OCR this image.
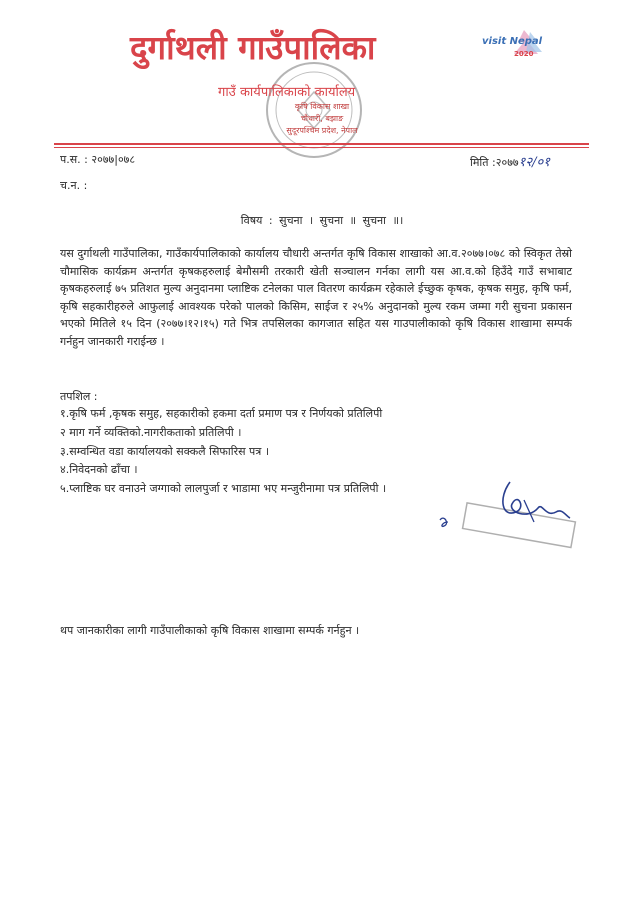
दुर्गाथली गाउँपालिका	visit Nepal
2020
गाउँ कार्यपालिकाको कार्यालय
कृषि विकास शाखा
चौधारी, बझाङ
सुदूरपश्चिम प्रदेश, नेपाल
प.स. : २०७७|०७८	मिति :२०७७१२/०१
च.न. :
विषय : सुचना । सुचना ॥ सुचना ॥।
यस दुर्गाथली गाउँपालिका, गाउँकार्यपालिकाको कार्यालय चौधारी अन्तर्गत कृषि विकास शाखाको आ.व.२०७७।०७८ को स्विकृत तेस्रो चौमासिक कार्यक्रम अन्तर्गत कृषकहरुलाई बेमौसमी तरकारी खेती सञ्चालन गर्नका लागी यस आ.व.को हिउँदे गाउँ सभाबाट कृषकहरुलाई ७५ प्रतिशत मुल्य अनुदानमा प्लाष्टिक टनेलका पाल वितरण कार्यक्रम रहेकाले ईच्छुक कृषक, कृषक समुह, कृषि फर्म, कृषि सहकारीहरुले आफुलाई आवश्यक परेको पालको किसिम, साईज र २५% अनुदानको मुल्य रकम जम्मा गरी सुचना प्रकासन भएको मितिले १५ दिन (२०७७।१२।१५) गते भित्र तपसिलका कागजात सहित यस गाउपालीकाको कृषि विकास शाखामा सम्पर्क गर्नहुन जानकारी गराईन्छ ।
तपशिल :
१.कृषि फर्म ,कृषक समुह, सहकारीको हकमा दर्ता प्रमाण पत्र र निर्णयको प्रतिलिपी
२ माग गर्ने व्यक्तिको.नागरीकताको प्रतिलिपी ।
३.सम्वन्धित वडा कार्यालयको सक्कलै सिफारिस पत्र ।
४.निवेदनको ढाँचा ।
५.प्लाष्टिक घर वनाउने जग्गाको लालपुर्जा र भाडामा भए मन्जुरीनामा पत्र प्रतिलिपी ।
थप जानकारीका लागी गाउँपालीकाको कृषि विकास शाखामा सम्पर्क गर्नहुन ।
